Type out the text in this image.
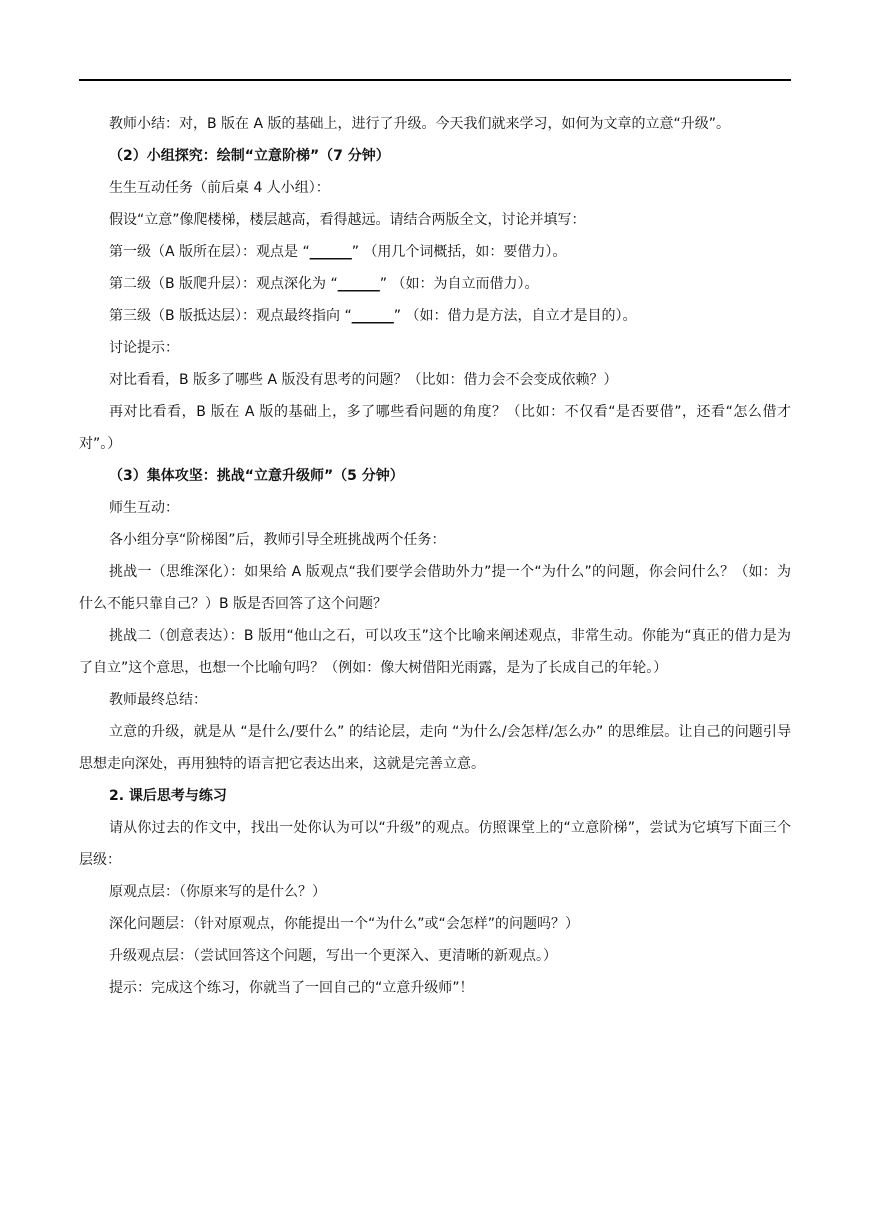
教师小结：对，B 版在 A 版的基础上，进行了升级。今天我们就来学习，如何为文章的立意“升级”。

（2）小组探究：绘制“立意阶梯”（7 分钟）

生生互动任务（前后桌 4 人小组）：

假设“立意”像爬楼梯，楼层越高，看得越远。请结合两版全文，讨论并填写：

第一级（A 版所在层）：观点是 “______” （用几个词概括，如：要借力）。

第二级（B 版爬升层）：观点深化为 “______” （如：为自立而借力）。

第三级（B 版抵达层）：观点最终指向 “______” （如：借力是方法，自立才是目的）。

讨论提示：

对比看看，B 版多了哪些 A 版没有思考的问题？（比如：借力会不会变成依赖？）

再对比看看，B 版在 A 版的基础上，多了哪些看问题的角度？（比如：不仅看“是否要借”，还看“怎么借才对”。）

（3）集体攻坚：挑战“立意升级师”（5 分钟）

师生互动：

各小组分享“阶梯图”后，教师引导全班挑战两个任务：

挑战一（思维深化）：如果给 A 版观点“我们要学会借助外力”提一个“为什么”的问题，你会问什么？（如：为什么不能只靠自己？）B 版是否回答了这个问题？

挑战二（创意表达）：B 版用“他山之石，可以攻玉”这个比喻来阐述观点，非常生动。你能为“真正的借力是为了自立”这个意思，也想一个比喻句吗？（例如：像大树借阳光雨露，是为了长成自己的年轮。）

教师最终总结：

立意的升级，就是从 “是什么/要什么” 的结论层，走向 “为什么/会怎样/怎么办” 的思维层。让自己的问题引导思想走向深处，再用独特的语言把它表达出来，这就是完善立意。

2. 课后思考与练习

请从你过去的作文中，找出一处你认为可以“升级”的观点。仿照课堂上的“立意阶梯”，尝试为它填写下面三个层级：

原观点层：（你原来写的是什么？）

深化问题层：（针对原观点，你能提出一个“为什么”或“会怎样”的问题吗？）

升级观点层：（尝试回答这个问题，写出一个更深入、更清晰的新观点。）

提示：完成这个练习，你就当了一回自己的“立意升级师”！
